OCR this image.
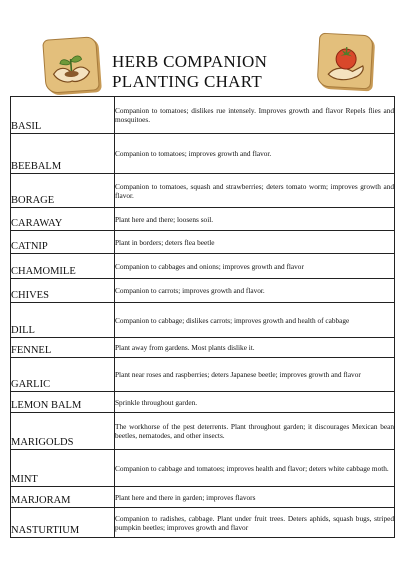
HERB COMPANION
PLANTING CHART
BASIL	Companion to tomatoes; dislikes rue intensely. Improves growth and flavor Repels flies and mosquitoes.
BEEBALM	Companion to tomatoes; improves growth and flavor.
BORAGE	Companion to tomatoes, squash and strawberries; deters tomato worm; improves growth and flavor.
CARAWAY	Plant here and there; loosens soil.
CATNIP	Plant in borders; deters flea beetle
CHAMOMILE	Companion to cabbages and onions; improves growth and flavor
CHIVES	Companion to carrots; improves growth and flavor.
DILL	Companion to cabbage; dislikes carrots; improves growth and health of cabbage
FENNEL	Plant away from gardens. Most plants dislike it.
GARLIC	Plant near roses and raspberries; deters Japanese beetle; improves growth and flavor
LEMON BALM	Sprinkle throughout garden.
MARIGOLDS	The workhorse of the pest deterrents. Plant throughout garden; it discourages Mexican bean beetles, nematodes, and other insects.
MINT	Companion to cabbage and tomatoes; improves health and flavor; deters white cabbage moth.
MARJORAM	Plant here and there in garden; improves flavors
NASTURTIUM	Companion to radishes, cabbage. Plant under fruit trees. Deters aphids, squash bugs, striped pumpkin beetles; improves growth and flavor
